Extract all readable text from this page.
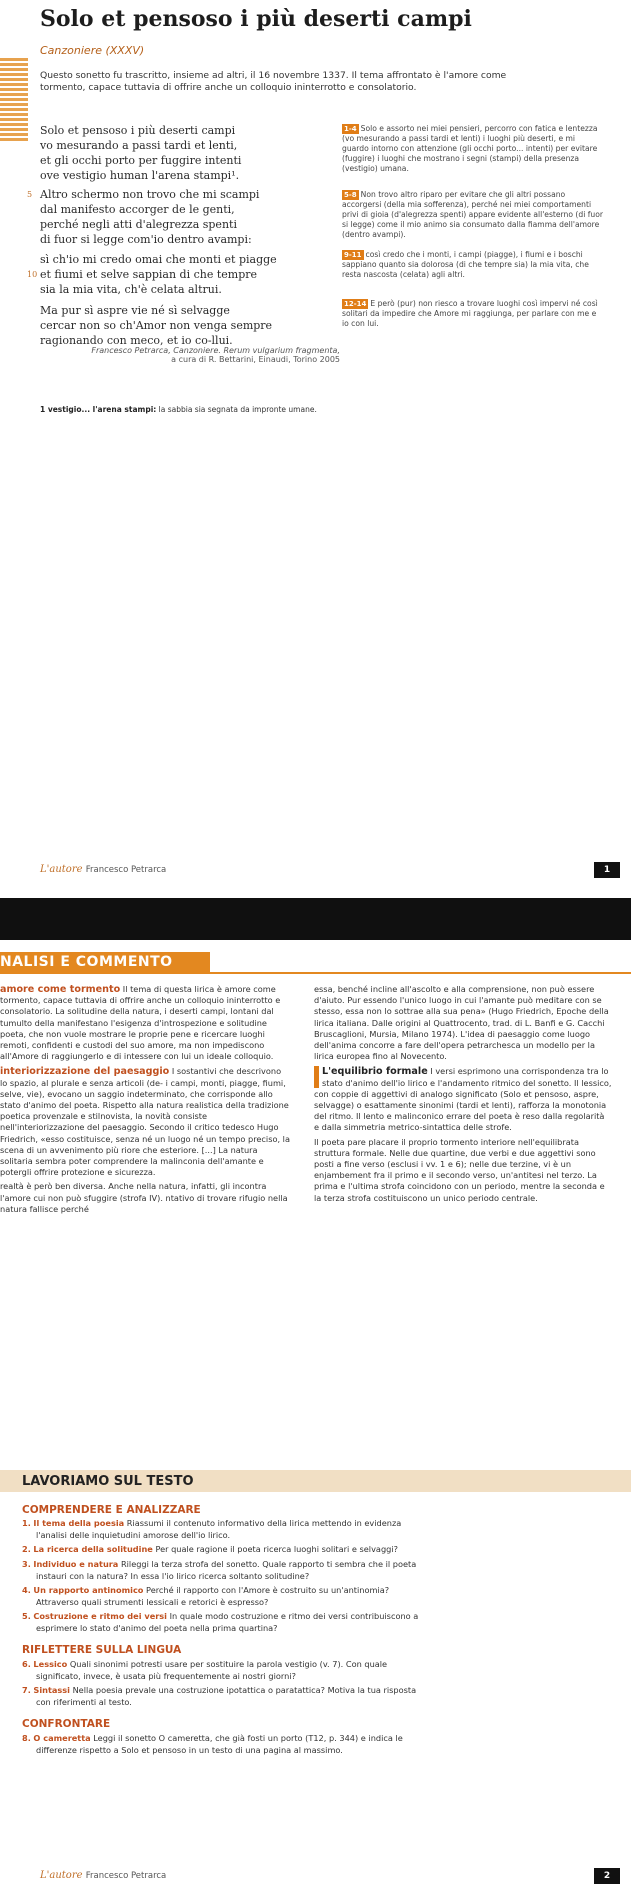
Solo et pensoso i più deserti campi
Canzoniere (XXXV)
Questo sonetto fu trascritto, insieme ad altri, il 16 novembre 1337. Il tema affrontato è l'amore come tormento, capace tuttavia di offrire anche un colloquio ininterrotto e consolatorio.
Solo et pensoso i più deserti campi
vo mesurando a passi tardi et lenti,
et gli occhi porto per fuggire intenti
ove vestigio human l'arena stampi¹.
5 Altro schermo non trovo che mi scampi
dal manifesto accorger de le genti,
perché negli atti d'alegrezza spenti
di fuor si legge com'io dentro avampi:
sì ch'io mi credo omai che monti et piagge
10 et fiumi et selve sappian di che tempre
sia la mia vita, ch'è celata altrui.
Ma pur sì aspre vie né sì selvagge
cercar non so ch'Amor non venga sempre
ragionando con meco, et io co-llui.
1-4 Solo e assorto nei miei pensieri, percorro con fatica e lentezza (vo mesurando a passi tardi et lenti) i luoghi più deserti, e mi guardo intorno con attenzione (gli occhi porto... intenti) per evitare (fuggire) i luoghi che mostrano i segni (stampi) della presenza (vestigio) umana.
5-8 Non trovo altro riparo per evitare che gli altri possano accorgersi (della mia sofferenza), perché nei miei comportamenti privi di gioia (d'alegrezza spenti) appare evidente all'esterno (di fuor si legge) come il mio animo sia consumato dalla fiamma dell'amore (dentro avampi).
9-11 così credo che i monti, i campi (piagge), i fiumi e i boschi sappiano quanto sia dolorosa (di che tempre sia) la mia vita, che resta nascosta (celata) agli altri.
12-14 E però (pur) non riesco a trovare luoghi così impervi né così solitari da impedire che Amore mi raggiunga, per parlare con me e io con lui.
Francesco Petrarca, Canzoniere. Rerum vulgarium fragmenta,
a cura di R. Bettarini, Einaudi, Torino 2005
1 vestigio... l'arena stampi: la sabbia sia segnata da impronte umane.
L'autore Francesco Petrarca	1
NALISI E COMMENTO

amore come tormento Il tema di questa lirica è amore come tormento, capace tuttavia di offrire anche un colloquio ininterrotto e consolatorio. La solitudine della natura, i deserti campi, lontani dal tumulto della manifestano l'esigenza d'introspezione e solitudine poeta, che non vuole mostrare le proprie pene e ricercare luoghi remoti, confidenti e custodi del suo amore, ma non impediscono all'Amore di raggiungerlo e di intessere con lui un ideale colloquio.

interiorizzazione del paesaggio I sostantivi che descrivono lo spazio, al plurale e senza articoli (de- i campi, monti, piagge, fiumi, selve, vie), evocano un saggio indeterminato, che corrisponde allo stato d'animo del poeta. Rispetto alla natura realistica della tradizione poetica provenzale e stilnovista, la novità consiste nell'interiorizzazione del paesaggio. Secondo il critico tedesco Hugo Friedrich, «esso costituisce, senza né un luogo né un tempo preciso, la scena di un avvenimento più riore che esteriore. [...] La natura solitaria sembra poter comprendere la malinconia dell'amante e potergli offrire protezione e sicurezza.

realtà è però ben diversa. Anche nella natura, infatti, gli incontra l'amore cui non può sfuggire (strofa IV). ntativo di trovare rifugio nella natura fallisce perché

essa, benché incline all'ascolto e alla comprensione, non può essere d'aiuto. Pur essendo l'unico luogo in cui l'amante può meditare con se stesso, essa non lo sottrae alla sua pena» (Hugo Friedrich, Epoche della lirica italiana. Dalle origini al Quattrocento, trad. di L. Banfi e G. Cacchi Bruscaglioni, Mursia, Milano 1974). L'idea di paesaggio come luogo dell'anima concorre a fare dell'opera petrarchesca un modello per la lirica europea fino al Novecento.

L'equilibrio formale I versi esprimono una corrispondenza tra lo stato d'animo dell'io lirico e l'andamento ritmico del sonetto. Il lessico, con coppie di aggettivi di analogo significato (Solo et pensoso, aspre, selvagge) o esattamente sinonimi (tardi et lenti), rafforza la monotonia del ritmo. Il lento e malinconico errare del poeta è reso dalla regolarità e dalla simmetria metrico-sintattica delle strofe.

Il poeta pare placare il proprio tormento interiore nell'equilibrata struttura formale. Nelle due quartine, due verbi e due aggettivi sono posti a fine verso (esclusi i vv. 1 e 6); nelle due terzine, vi è un enjambement fra il primo e il secondo verso, un'antitesi nel terzo. La prima e l'ultima strofa coincidono con un periodo, mentre la seconda e la terza strofa costituiscono un unico periodo centrale.

LAVORIAMO SUL TESTO
COMPRENDERE E ANALIZZARE
1. Il tema della poesia Riassumi il contenuto informativo della lirica mettendo in evidenza
l'analisi delle inquietudini amorose dell'io lirico.
2. La ricerca della solitudine Per quale ragione il poeta ricerca luoghi solitari e selvaggi?
3. Individuo e natura Rileggi la terza strofa del sonetto. Quale rapporto ti sembra che il poeta
instauri con la natura? In essa l'io lirico ricerca soltanto solitudine?
4. Un rapporto antinomico Perché il rapporto con l'Amore è costruito su un'antinomia?
Attraverso quali strumenti lessicali e retorici è espresso?
5. Costruzione e ritmo dei versi In quale modo costruzione e ritmo dei versi contribuiscono a
esprimere lo stato d'animo del poeta nella prima quartina?
RIFLETTERE SULLA LINGUA
6. Lessico Quali sinonimi potresti usare per sostituire la parola vestigio (v. 7). Con quale
significato, invece, è usata più frequentemente ai nostri giorni?
7. Sintassi Nella poesia prevale una costruzione ipotattica o paratattica? Motiva la tua risposta
con riferimenti al testo.
CONFRONTARE
8. O cameretta Leggi il sonetto O cameretta, che già fosti un porto (T12, p. 344) e indica le
differenze rispetto a Solo et pensoso in un testo di una pagina al massimo.
L'autore Francesco Petrarca	2
